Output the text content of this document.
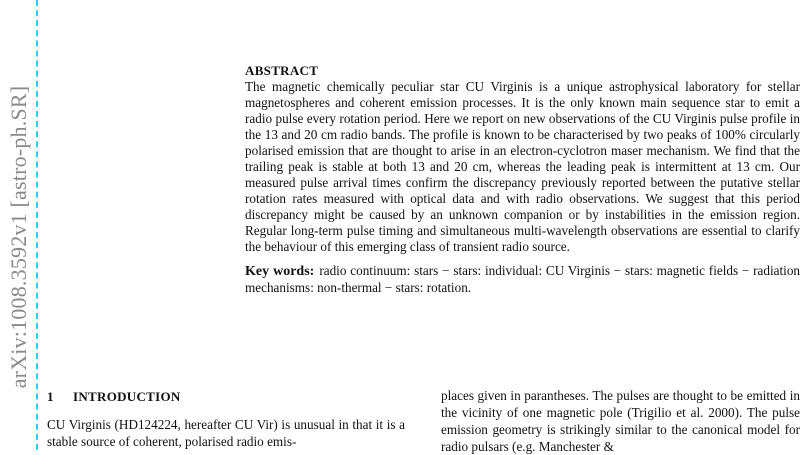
arXiv:1008.3592v1 [astro-ph.SR]
ABSTRACT

The magnetic chemically peculiar star CU Virginis is a unique astrophysical laboratory for stellar magnetospheres and coherent emission processes. It is the only known main sequence star to emit a radio pulse every rotation period. Here we report on new observations of the CU Virginis pulse profile in the 13 and 20 cm radio bands. The profile is known to be characterised by two peaks of 100% circularly polarised emission that are thought to arise in an electron-cyclotron maser mechanism. We find that the trailing peak is stable at both 13 and 20 cm, whereas the leading peak is intermittent at 13 cm. Our measured pulse arrival times confirm the discrepancy previously reported between the putative stellar rotation rates measured with optical data and with radio observations. We suggest that this period discrepancy might be caused by an unknown companion or by instabilities in the emission region. Regular long-term pulse timing and simultaneous multi-wavelength observations are essential to clarify the behaviour of this emerging class of transient radio source.

Key words: radio continuum: stars − stars: individual: CU Virginis − stars: magnetic fields − radiation mechanisms: non-thermal − stars: rotation.

1 INTRODUCTION

CU Virginis (HD124224, hereafter CU Vir) is unusual in that it is a stable source of coherent, polarised radio emis-

places given in parantheses. The pulses are thought to be emitted in the vicinity of one magnetic pole (Trigilio et al. 2000). The pulse emission geometry is strikingly similar to the canonical model for radio pulsars (e.g. Manchester &
